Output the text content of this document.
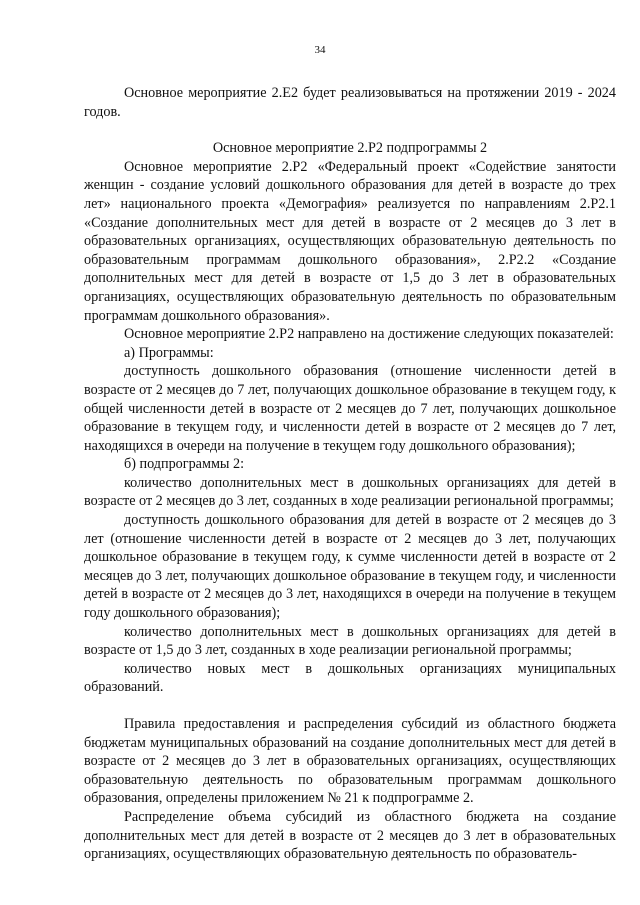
34

Основное мероприятие 2.Е2 будет реализовываться на протяжении 2019 - 2024 годов.

Основное мероприятие 2.Р2 подпрограммы 2

Основное мероприятие 2.Р2 «Федеральный проект «Содействие занятости женщин - создание условий дошкольного образования для детей в возрасте до трех лет» национального проекта «Демография» реализуется по направлениям 2.Р2.1 «Создание дополнительных мест для детей в возрасте от 2 месяцев до 3 лет в образовательных организациях, осуществляющих образовательную деятельность по образовательным программам дошкольного образования», 2.Р2.2 «Создание дополнительных мест для детей в возрасте от 1,5 до 3 лет в образовательных организациях, осуществляющих образовательную деятельность по образовательным программам дошкольного образования».

Основное мероприятие 2.Р2 направлено на достижение следующих показателей:

а) Программы:

доступность дошкольного образования (отношение численности детей в возрасте от 2 месяцев до 7 лет, получающих дошкольное образование в текущем году, к общей численности детей в возрасте от 2 месяцев до 7 лет, получающих дошкольное образование в текущем году, и численности детей в возрасте от 2 месяцев до 7 лет, находящихся в очереди на получение в текущем году дошкольного образования);

б) подпрограммы 2:

количество дополнительных мест в дошкольных организациях для детей в возрасте от 2 месяцев до 3 лет, созданных в ходе реализации региональной программы;

доступность дошкольного образования для детей в возрасте от 2 месяцев до 3 лет (отношение численности детей в возрасте от 2 месяцев до 3 лет, получающих дошкольное образование в текущем году, к сумме численности детей в возрасте от 2 месяцев до 3 лет, получающих дошкольное образование в текущем году, и численности детей в возрасте от 2 месяцев до 3 лет, находящихся в очереди на получение в текущем году дошкольного образования);

количество дополнительных мест в дошкольных организациях для детей в возрасте от 1,5 до 3 лет, созданных в ходе реализации региональной программы;

количество новых мест в дошкольных организациях муниципальных образований.

Правила предоставления и распределения субсидий из областного бюджета бюджетам муниципальных образований на создание дополнительных мест для детей в возрасте от 2 месяцев до 3 лет в образовательных организациях, осуществляющих образовательную деятельность по образовательным программам дошкольного образования, определены приложением № 21 к подпрограмме 2.

Распределение объема субсидий из областного бюджета на создание дополнительных мест для детей в возрасте от 2 месяцев до 3 лет в образовательных организациях, осуществляющих образовательную деятельность по образователь-
